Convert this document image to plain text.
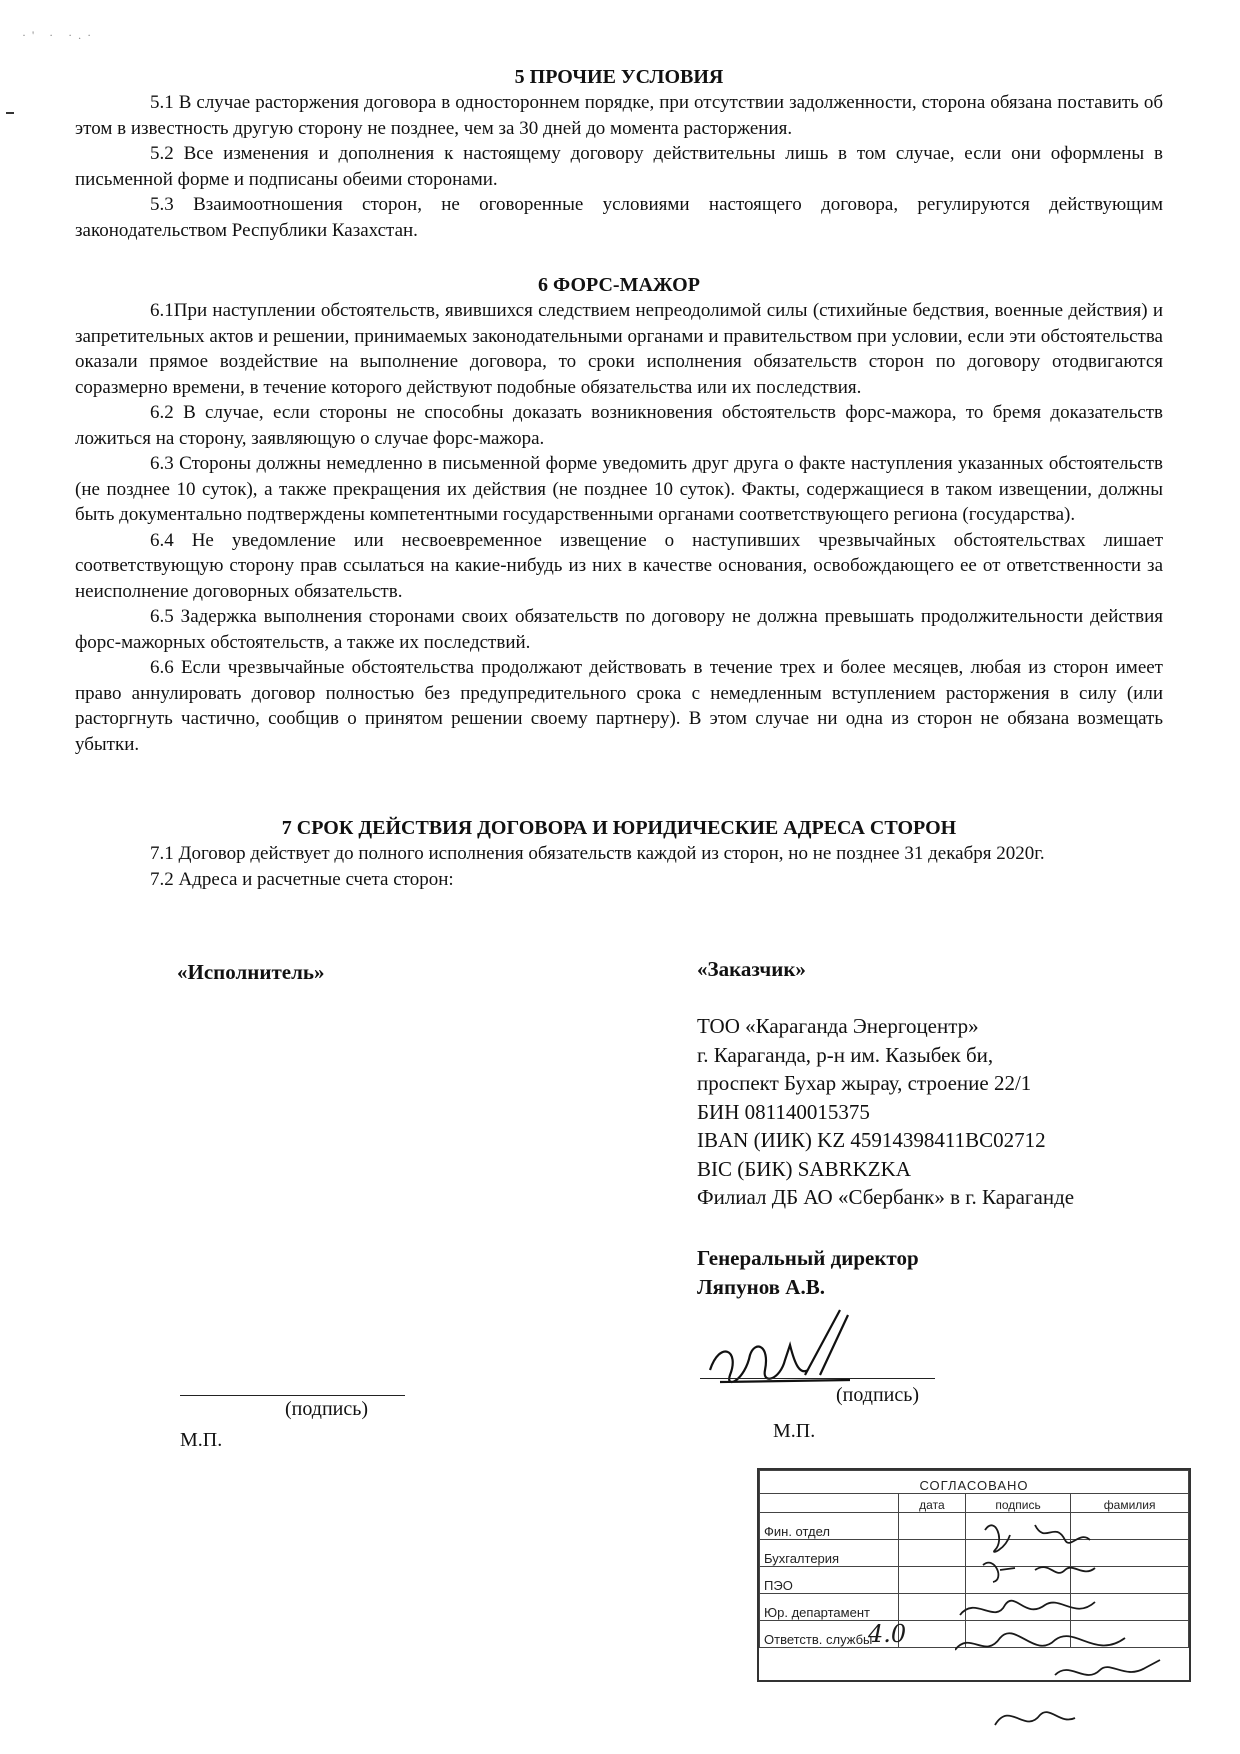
·' · ·.·
5 ПРОЧИЕ УСЛОВИЯ

5.1 В случае расторжения договора в одностороннем порядке, при отсутствии задолженности, сторона обязана поставить об этом в известность другую сторону не позднее, чем за 30 дней до момента расторжения.

5.2 Все изменения и дополнения к настоящему договору действительны лишь в том случае, если они оформлены в письменной форме и подписаны обеими сторонами.

5.3 Взаимоотношения сторон, не оговоренные условиями настоящего договора, регулируются действующим законодательством Республики Казахстан.

6 ФОРС-МАЖОР

6.1При наступлении обстоятельств, явившихся следствием непреодолимой силы (стихийные бедствия, военные действия) и запретительных актов и решении, принимаемых законодательными органами и правительством при условии, если эти обстоятельства оказали прямое воздействие на выполнение договора, то сроки исполнения обязательств сторон по договору отодвигаются соразмерно времени, в течение которого действуют подобные обязательства или их последствия.

6.2 В случае, если стороны не способны доказать возникновения обстоятельств форс-мажора, то бремя доказательств ложиться на сторону, заявляющую о случае форс-мажора.

6.3 Стороны должны немедленно в письменной форме уведомить друг друга о факте наступления указанных обстоятельств (не позднее 10 суток), а также прекращения их действия (не позднее 10 суток). Факты, содержащиеся в таком извещении, должны быть документально подтверждены компетентными государственными органами соответствующего региона (государства).

6.4 Не уведомление или несвоевременное извещение о наступивших чрезвычайных обстоятельствах лишает соответствующую сторону прав ссылаться на какие-нибудь из них в качестве основания, освобождающего ее от ответственности за неисполнение договорных обязательств.

6.5 Задержка выполнения сторонами своих обязательств по договору не должна превышать продолжительности действия форс-мажорных обстоятельств, а также их последствий.

6.6 Если чрезвычайные обстоятельства продолжают действовать в течение трех и более месяцев, любая из сторон имеет право аннулировать договор полностью без предупредительного срока с немедленным вступлением расторжения в силу (или расторгнуть частично, сообщив о принятом решении своему партнеру). В этом случае ни одна из сторон не обязана возмещать убытки.

7 СРОК ДЕЙСТВИЯ ДОГОВОРА И ЮРИДИЧЕСКИЕ АДРЕСА СТОРОН

7.1 Договор действует до полного исполнения обязательств каждой из сторон, но не позднее 31 декабря 2020г.

7.2 Адреса и расчетные счета сторон:

«Исполнитель»	«Заказчик»
ТОО «Караганда Энергоцентр»
г. Караганда, р-н им. Казыбек би,
проспект Бухар жырау, строение 22/1
БИН 081140015375
IBAN (ИИК) KZ 45914398411BC02712
BIC (БИК) SABRKZKA
Филиал ДБ АО «Сбербанк» в г. Караганде
Генеральный директор
Ляпунов А.В.
(подпись)
М.П.
(подпись)
М.П.
СОГЛАСОВАНО			
	дата	подпись	фамилия
Фин. отдел			
Бухгалтерия			
ПЭО			
Юр. департамент			
Ответств. службы			
4.0
